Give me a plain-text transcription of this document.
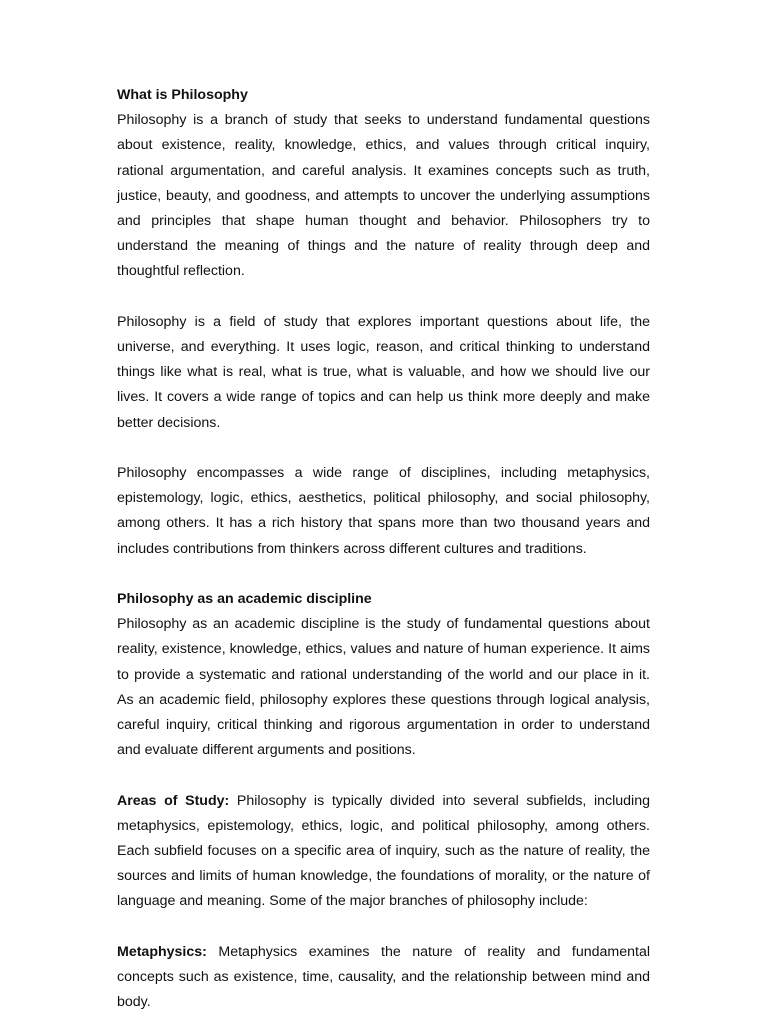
What is Philosophy

Philosophy is a branch of study that seeks to understand fundamental questions about existence, reality, knowledge, ethics, and values through critical inquiry, rational argumentation, and careful analysis. It examines concepts such as truth, justice, beauty, and goodness, and attempts to uncover the underlying assumptions and principles that shape human thought and behavior. Philosophers try to understand the meaning of things and the nature of reality through deep and thoughtful reflection.

Philosophy is a field of study that explores important questions about life, the universe, and everything. It uses logic, reason, and critical thinking to understand things like what is real, what is true, what is valuable, and how we should live our lives. It covers a wide range of topics and can help us think more deeply and make better decisions.

Philosophy encompasses a wide range of disciplines, including metaphysics, epistemology, logic, ethics, aesthetics, political philosophy, and social philosophy, among others. It has a rich history that spans more than two thousand years and includes contributions from thinkers across different cultures and traditions.

Philosophy as an academic discipline

Philosophy as an academic discipline is the study of fundamental questions about reality, existence, knowledge, ethics, values and nature of human experience. It aims to provide a systematic and rational understanding of the world and our place in it. As an academic field, philosophy explores these questions through logical analysis, careful inquiry, critical thinking and rigorous argumentation in order to understand and evaluate different arguments and positions.

Areas of Study: Philosophy is typically divided into several subfields, including metaphysics, epistemology, ethics, logic, and political philosophy, among others. Each subfield focuses on a specific area of inquiry, such as the nature of reality, the sources and limits of human knowledge, the foundations of morality, or the nature of language and meaning. Some of the major branches of philosophy include:

Metaphysics: Metaphysics examines the nature of reality and fundamental concepts such as existence, time, causality, and the relationship between mind and body.
